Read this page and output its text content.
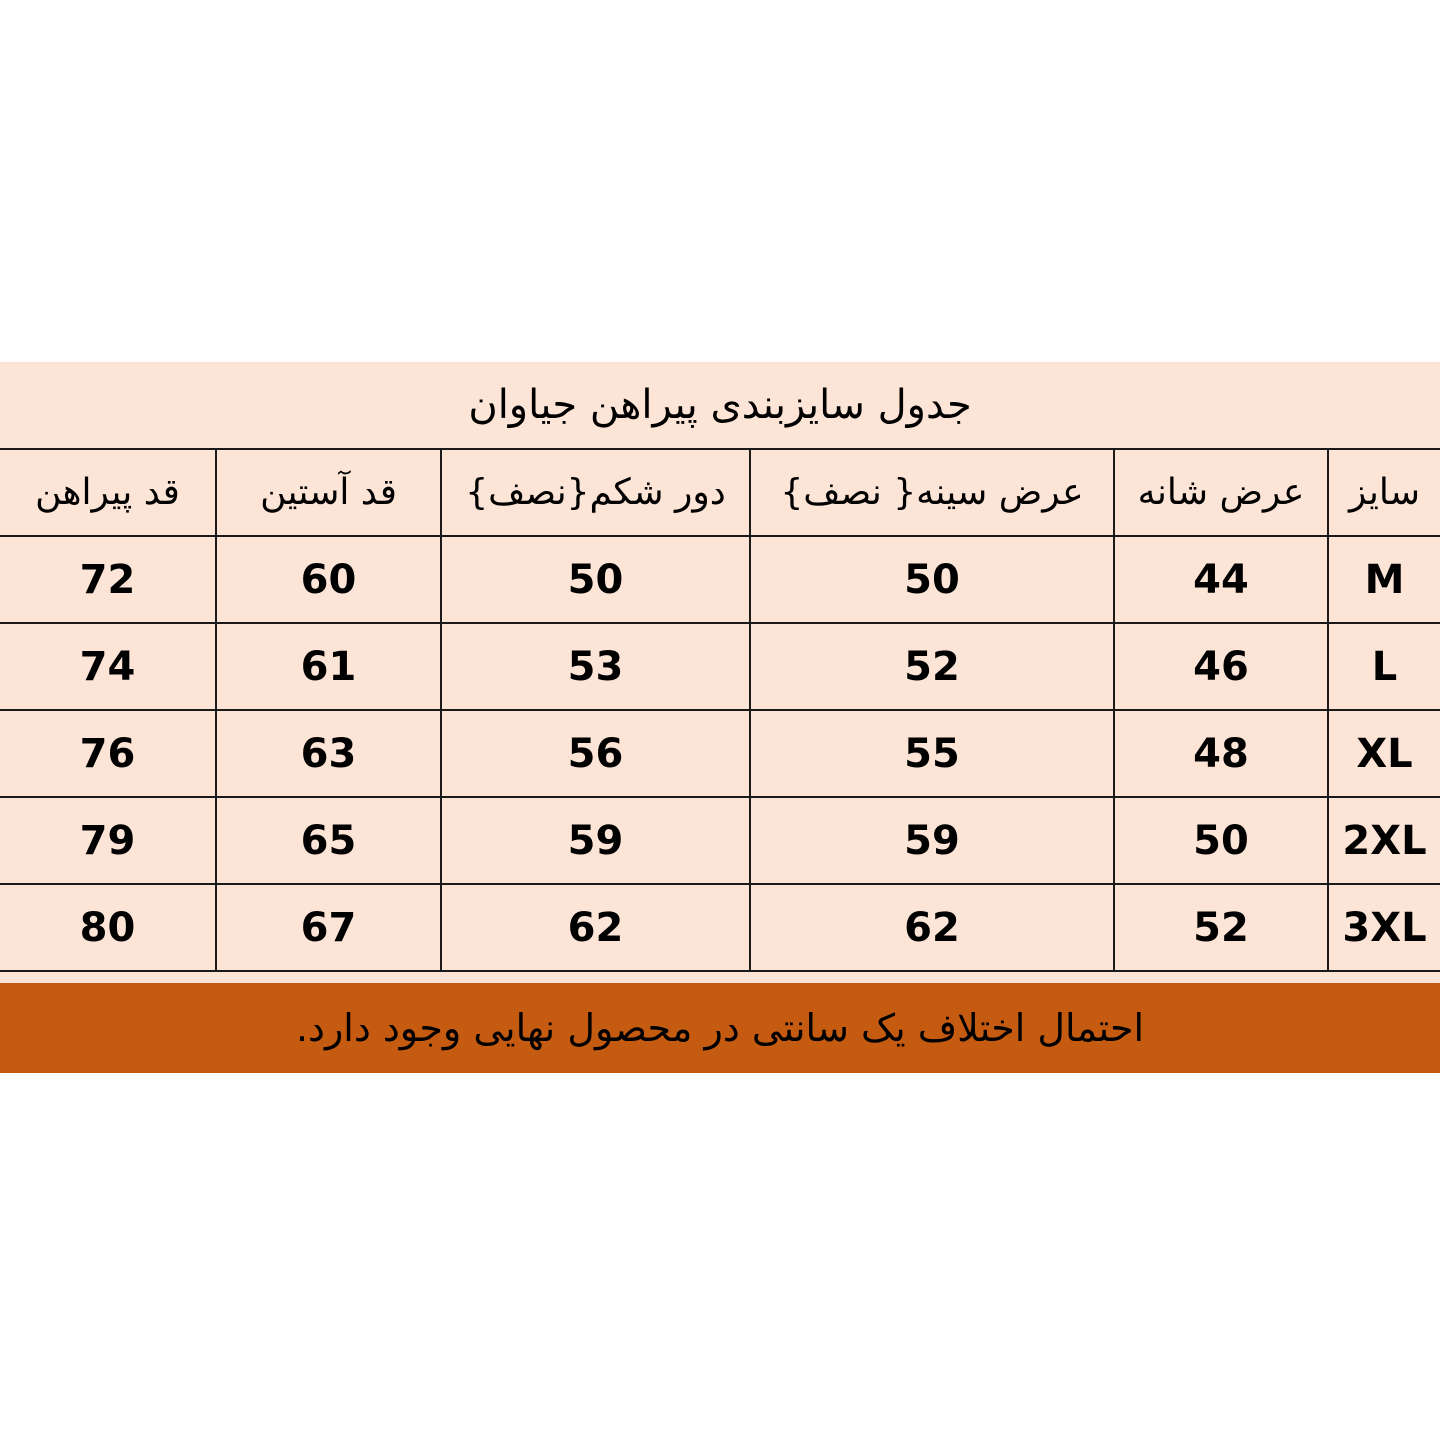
جدول سایزبندی پیراهن جیاوان
سایز	عرض شانه	عرض سینه{ نصف}	دور شکم{نصف}	قد آستین	قد پیراهن
M	44	50	50	60	72
L	46	52	53	61	74
XL	48	55	56	63	76
2XL	50	59	59	65	79
3XL	52	62	62	67	80
احتمال اختلاف یک سانتی در محصول نهایی وجود دارد.
